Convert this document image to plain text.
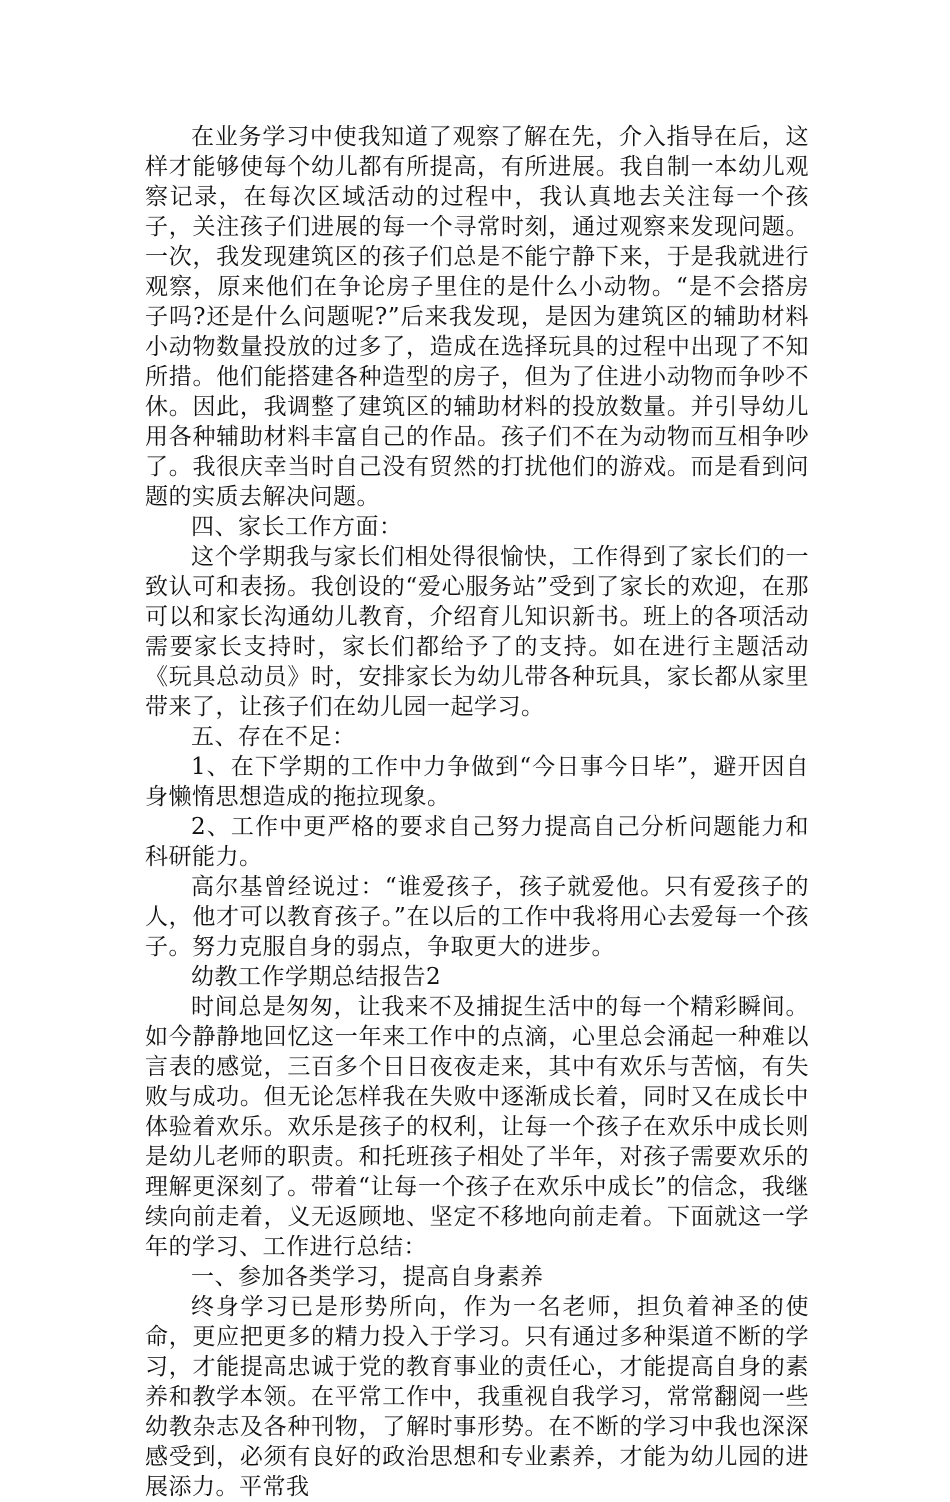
在业务学习中使我知道了观察了解在先，介入指导在后，这样才能够使每个幼儿都有所提高，有所进展。我自制一本幼儿观察记录，在每次区域活动的过程中，我认真地去关注每一个孩子，关注孩子们进展的每一个寻常时刻，通过观察来发现问题。一次，我发现建筑区的孩子们总是不能宁静下来，于是我就进行观察，原来他们在争论房子里住的是什么小动物。“是不会搭房子吗?还是什么问题呢?”后来我发现，是因为建筑区的辅助材料小动物数量投放的过多了，造成在选择玩具的过程中出现了不知所措。他们能搭建各种造型的房子，但为了住进小动物而争吵不休。因此，我调整了建筑区的辅助材料的投放数量。并引导幼儿用各种辅助材料丰富自己的作品。孩子们不在为动物而互相争吵了。我很庆幸当时自己没有贸然的打扰他们的游戏。而是看到问题的实质去解决问题。

四、家长工作方面：

这个学期我与家长们相处得很愉快，工作得到了家长们的一致认可和表扬。我创设的“爱心服务站”受到了家长的欢迎，在那可以和家长沟通幼儿教育，介绍育儿知识新书。班上的各项活动需要家长支持时，家长们都给予了的支持。如在进行主题活动《玩具总动员》时，安排家长为幼儿带各种玩具，家长都从家里带来了，让孩子们在幼儿园一起学习。

五、存在不足：

1、在下学期的工作中力争做到“今日事今日毕”，避开因自身懒惰思想造成的拖拉现象。

2、工作中更严格的要求自己努力提高自己分析问题能力和科研能力。

高尔基曾经说过：“谁爱孩子，孩子就爱他。只有爱孩子的人，他才可以教育孩子。”在以后的工作中我将用心去爱每一个孩子。努力克服自身的弱点，争取更大的进步。

幼教工作学期总结报告2

时间总是匆匆，让我来不及捕捉生活中的每一个精彩瞬间。如今静静地回忆这一年来工作中的点滴，心里总会涌起一种难以言表的感觉，三百多个日日夜夜走来，其中有欢乐与苦恼，有失败与成功。但无论怎样我在失败中逐渐成长着，同时又在成长中体验着欢乐。欢乐是孩子的权利，让每一个孩子在欢乐中成长则是幼儿老师的职责。和托班孩子相处了半年，对孩子需要欢乐的理解更深刻了。带着“让每一个孩子在欢乐中成长”的信念，我继续向前走着，义无返顾地、坚定不移地向前走着。下面就这一学年的学习、工作进行总结：

一、参加各类学习，提高自身素养

终身学习已是形势所向，作为一名老师，担负着神圣的使命，更应把更多的精力投入于学习。只有通过多种渠道不断的学习，才能提高忠诚于党的教育事业的责任心，才能提高自身的素养和教学本领。在平常工作中，我重视自我学习，常常翻阅一些幼教杂志及各种刊物，了解时事形势。在不断的学习中我也深深感受到，必须有良好的政治思想和专业素养，才能为幼儿园的进展添力。平常我
